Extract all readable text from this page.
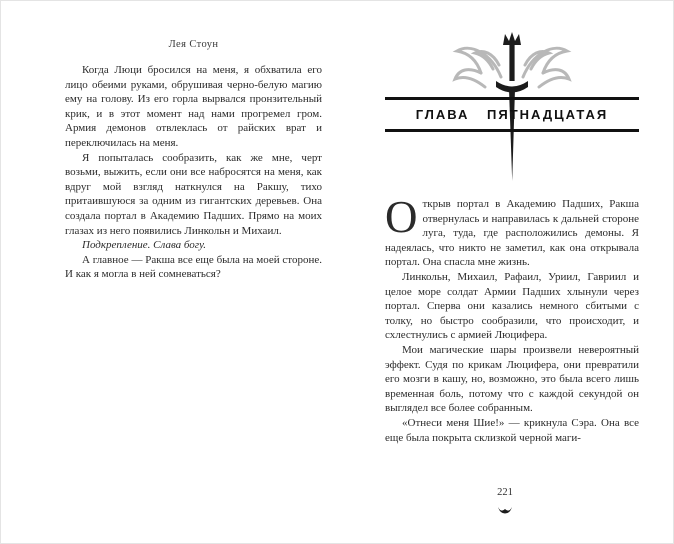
Лея Стоун

Когда Люци бросился на меня, я обхватила его лицо обеими руками, обрушивая черно-белую магию ему на голову. Из его горла вырвался пронзительный крик, и в этот момент над нами прогремел гром. Армия демонов отвлеклась от райских врат и переключилась на меня.

Я попыталась сообразить, как же мне, черт возьми, выжить, если они все набросятся на меня, как вдруг мой взгляд наткнулся на Ракшу, тихо притаившуюся за одним из гигантских деревьев. Она создала портал в Академию Падших. Прямо на моих глазах из него появились Линкольн и Михаил.

Подкрепление. Слава богу.

А главное — Ракша все еще была на моей стороне. И как я могла в ней сомневаться?

ГЛАВА ПЯТНАДЦАТАЯ

Открыв портал в Академию Падших, Ракша отвернулась и направилась к дальней стороне луга, туда, где расположились демоны. Я надеялась, что никто не заметил, как она открывала портал. Она спасла мне жизнь.

Линкольн, Михаил, Рафаил, Уриил, Гавриил и целое море солдат Армии Падших хлынули через портал. Сперва они казались немного сбитыми с толку, но быстро сообразили, что происходит, и схлестнулись с армией Люцифера.

Мои магические шары произвели невероятный эффект. Судя по крикам Люцифера, они превратили его мозги в кашу, но, возможно, это была всего лишь временная боль, потому что с каждой секундой он выглядел все более собранным.

«Отнеси меня Шие!» — крикнула Сэра. Она все еще была покрыта склизкой черной маги-

221
